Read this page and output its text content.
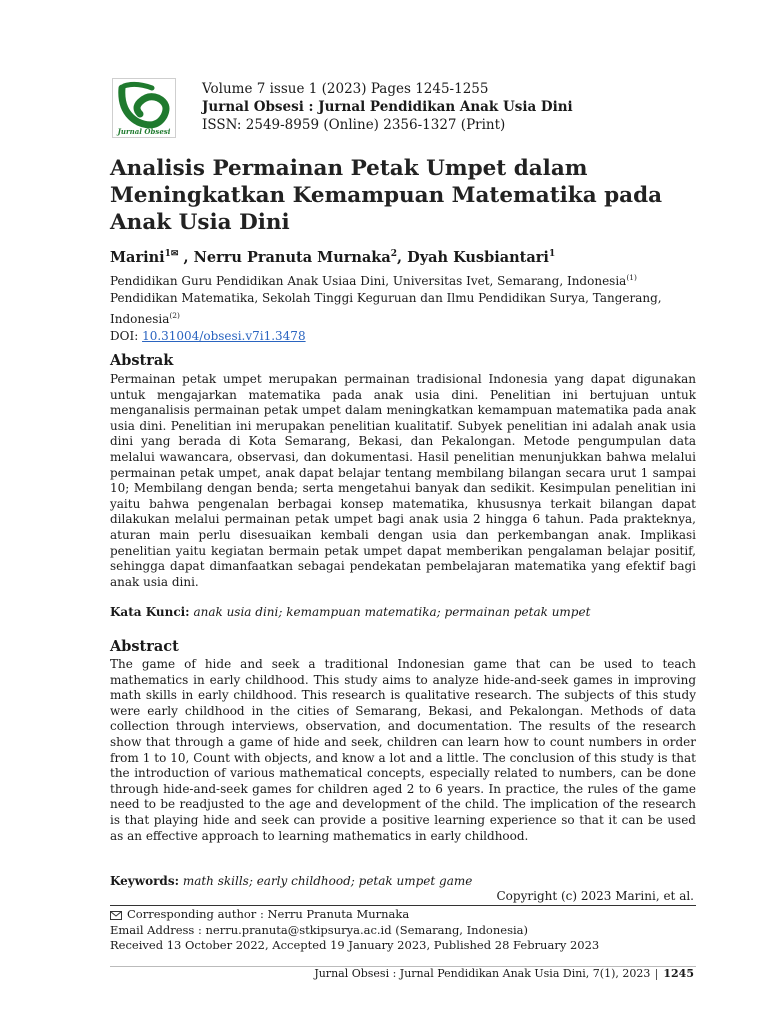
Jurnal Obsesi
Volume 7 issue 1 (2023) Pages 1245-1255
Jurnal Obsesi : Jurnal Pendidikan Anak Usia Dini
ISSN: 2549-8959 (Online) 2356-1327 (Print)
Analisis Permainan Petak Umpet dalam Meningkatkan Kemampuan Matematika pada Anak Usia Dini
Marini$^{1✉}$ , Nerru Pranuta Murnaka$^2$, Dyah Kusbiantari$^1$
Pendidikan Guru Pendidikan Anak Usiaa Dini, Universitas Ivet, Semarang, Indonesia$^{(1)}$
Pendidikan Matematika, Sekolah Tinggi Keguruan dan Ilmu Pendidikan Surya, Tangerang, Indonesia$^{(2)}$
DOI: 10.31004/obsesi.v7i1.3478
Abstrak
Permainan petak umpet merupakan permainan tradisional Indonesia yang dapat digunakan untuk mengajarkan matematika pada anak usia dini. Penelitian ini bertujuan untuk menganalisis permainan petak umpet dalam meningkatkan kemampuan matematika pada anak usia dini. Penelitian ini merupakan penelitian kualitatif. Subyek penelitian ini adalah anak usia dini yang berada di Kota Semarang, Bekasi, dan Pekalongan. Metode pengumpulan data melalui wawancara, observasi, dan dokumentasi. Hasil penelitian menunjukkan bahwa melalui permainan petak umpet, anak dapat belajar tentang membilang bilangan secara urut 1 sampai 10; Membilang dengan benda; serta mengetahui banyak dan sedikit. Kesimpulan penelitian ini yaitu bahwa pengenalan berbagai konsep matematika, khususnya terkait bilangan dapat dilakukan melalui permainan petak umpet bagi anak usia 2 hingga 6 tahun. Pada prakteknya, aturan main perlu disesuaikan kembali dengan usia dan perkembangan anak. Implikasi penelitian yaitu kegiatan bermain petak umpet dapat memberikan pengalaman belajar positif, sehingga dapat dimanfaatkan sebagai pendekatan pembelajaran matematika yang efektif bagi anak usia dini.
Kata Kunci: anak usia dini; kemampuan matematika; permainan petak umpet
Abstract
The game of hide and seek a traditional Indonesian game that can be used to teach mathematics in early childhood. This study aims to analyze hide-and-seek games in improving math skills in early childhood. This research is qualitative research. The subjects of this study were early childhood in the cities of Semarang, Bekasi, and Pekalongan. Methods of data collection through interviews, observation, and documentation. The results of the research show that through a game of hide and seek, children can learn how to count numbers in order from 1 to 10, Count with objects, and know a lot and a little. The conclusion of this study is that the introduction of various mathematical concepts, especially related to numbers, can be done through hide-and-seek games for children aged 2 to 6 years. In practice, the rules of the game need to be readjusted to the age and development of the child. The implication of the research is that playing hide and seek can provide a positive learning experience so that it can be used as an effective approach to learning mathematics in early childhood.
Keywords: math skills; early childhood; petak umpet game
Copyright (c) 2023 Marini, et al.
Corresponding author : Nerru Pranuta Murnaka
Email Address : nerru.pranuta@stkipsurya.ac.id (Semarang, Indonesia)
Received 13 October 2022, Accepted 19 January 2023, Published 28 February 2023
Jurnal Obsesi : Jurnal Pendidikan Anak Usia Dini, 7(1), 2023 1245
